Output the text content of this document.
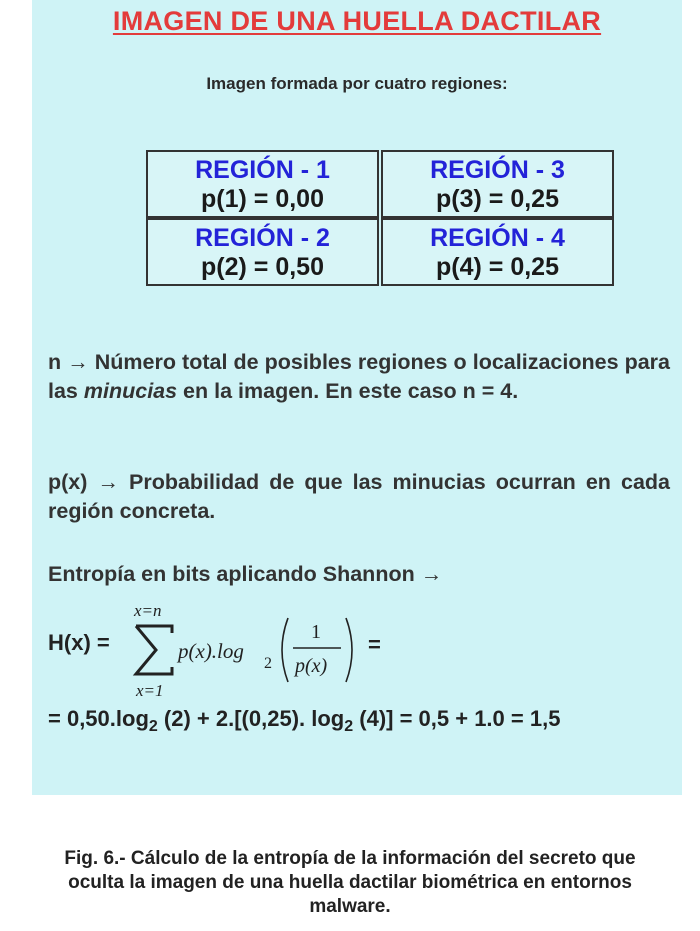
IMAGEN DE UNA HUELLA DACTILAR
Imagen formada por cuatro regiones:
REGIÓN - 1
p(1) = 0,00
REGIÓN - 2
p(2) = 0,50
REGIÓN - 3
p(3) = 0,25
REGIÓN - 4
p(4) = 0,25
n → Número total de posibles regiones o localizaciones para las minucias en la imagen. En este caso n = 4.
p(x) → Probabilidad de que las minucias ocurran en cada región concreta.
Entropía en bits aplicando Shannon →
H(x) =
x=n
x=1
p(x).log
2
1
p(x)
=
= $0,50.\log_2$ (2) + 2.[(0,25). $\log_2 (4)] = 0,5 + 1.0 = 1,5$
Fig. 6.- Cálculo de la entropía de la información del secreto que
oculta la imagen de una huella dactilar biométrica en entornos
malware.
